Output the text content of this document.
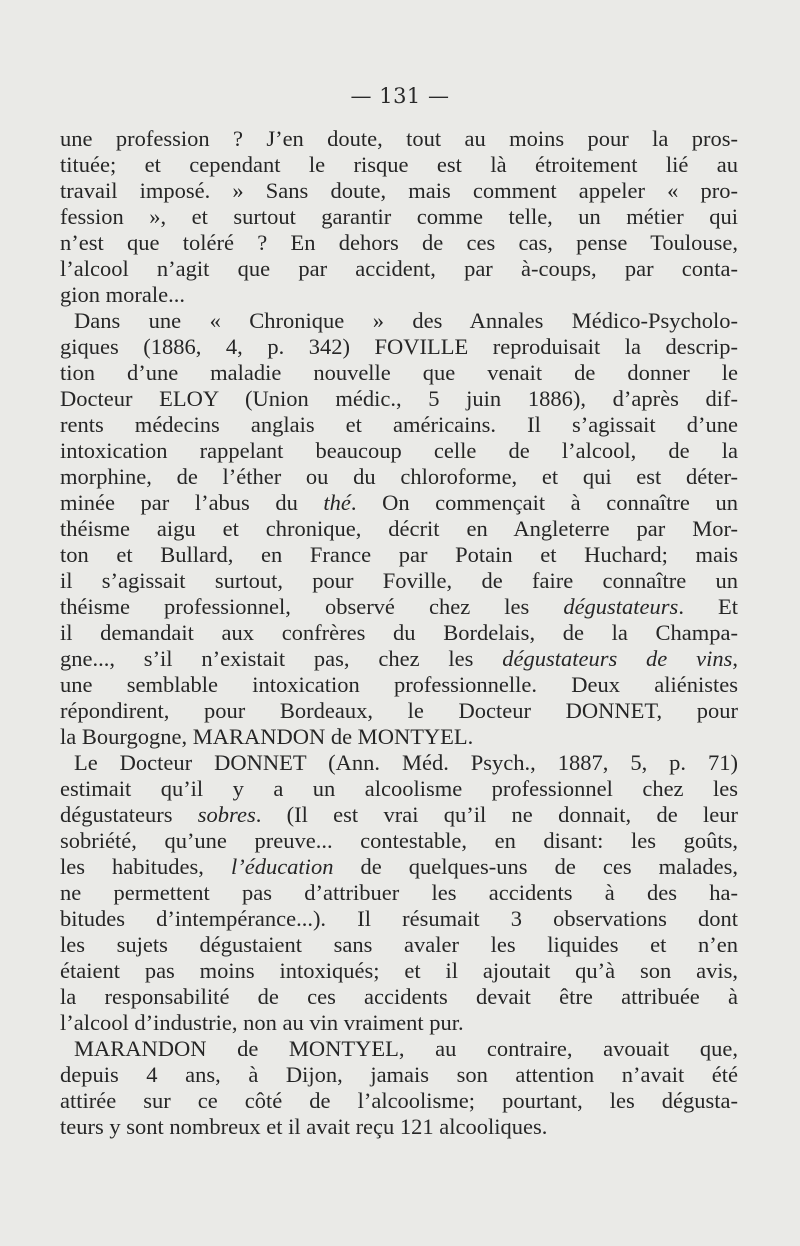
— 131 —
une profession ? J’en doute, tout au moins pour la pros-
tituée; et cependant le risque est là étroitement lié au
travail imposé. » Sans doute, mais comment appeler « pro-
fession », et surtout garantir comme telle, un métier qui
n’est que toléré ? En dehors de ces cas, pense Toulouse,
l’alcool n’agit que par accident, par à-coups, par conta-
gion morale...
Dans une « Chronique » des Annales Médico-Psycholo-
giques (1886, 4, p. 342) FOVILLE reproduisait la descrip-
tion d’une maladie nouvelle que venait de donner le
Docteur ELOY (Union médic., 5 juin 1886), d’après dif-
rents médecins anglais et américains. Il s’agissait d’une
intoxication rappelant beaucoup celle de l’alcool, de la
morphine, de l’éther ou du chloroforme, et qui est déter-
minée par l’abus du thé. On commençait à connaître un
théisme aigu et chronique, décrit en Angleterre par Mor-
ton et Bullard, en France par Potain et Huchard; mais
il s’agissait surtout, pour Foville, de faire connaître un
théisme professionnel, observé chez les dégustateurs. Et
il demandait aux confrères du Bordelais, de la Champa-
gne..., s’il n’existait pas, chez les dégustateurs de vins,
une semblable intoxication professionnelle. Deux aliénistes
répondirent, pour Bordeaux, le Docteur DONNET, pour
la Bourgogne, MARANDON de MONTYEL.
Le Docteur DONNET (Ann. Méd. Psych., 1887, 5, p. 71)
estimait qu’il y a un alcoolisme professionnel chez les
dégustateurs sobres. (Il est vrai qu’il ne donnait, de leur
sobriété, qu’une preuve... contestable, en disant: les goûts,
les habitudes, l’éducation de quelques-uns de ces malades,
ne permettent pas d’attribuer les accidents à des ha-
bitudes d’intempérance...). Il résumait 3 observations dont
les sujets dégustaient sans avaler les liquides et n’en
étaient pas moins intoxiqués; et il ajoutait qu’à son avis,
la responsabilité de ces accidents devait être attribuée à
l’alcool d’industrie, non au vin vraiment pur.
MARANDON de MONTYEL, au contraire, avouait que,
depuis 4 ans, à Dijon, jamais son attention n’avait été
attirée sur ce côté de l’alcoolisme; pourtant, les dégusta-
teurs y sont nombreux et il avait reçu 121 alcooliques.
